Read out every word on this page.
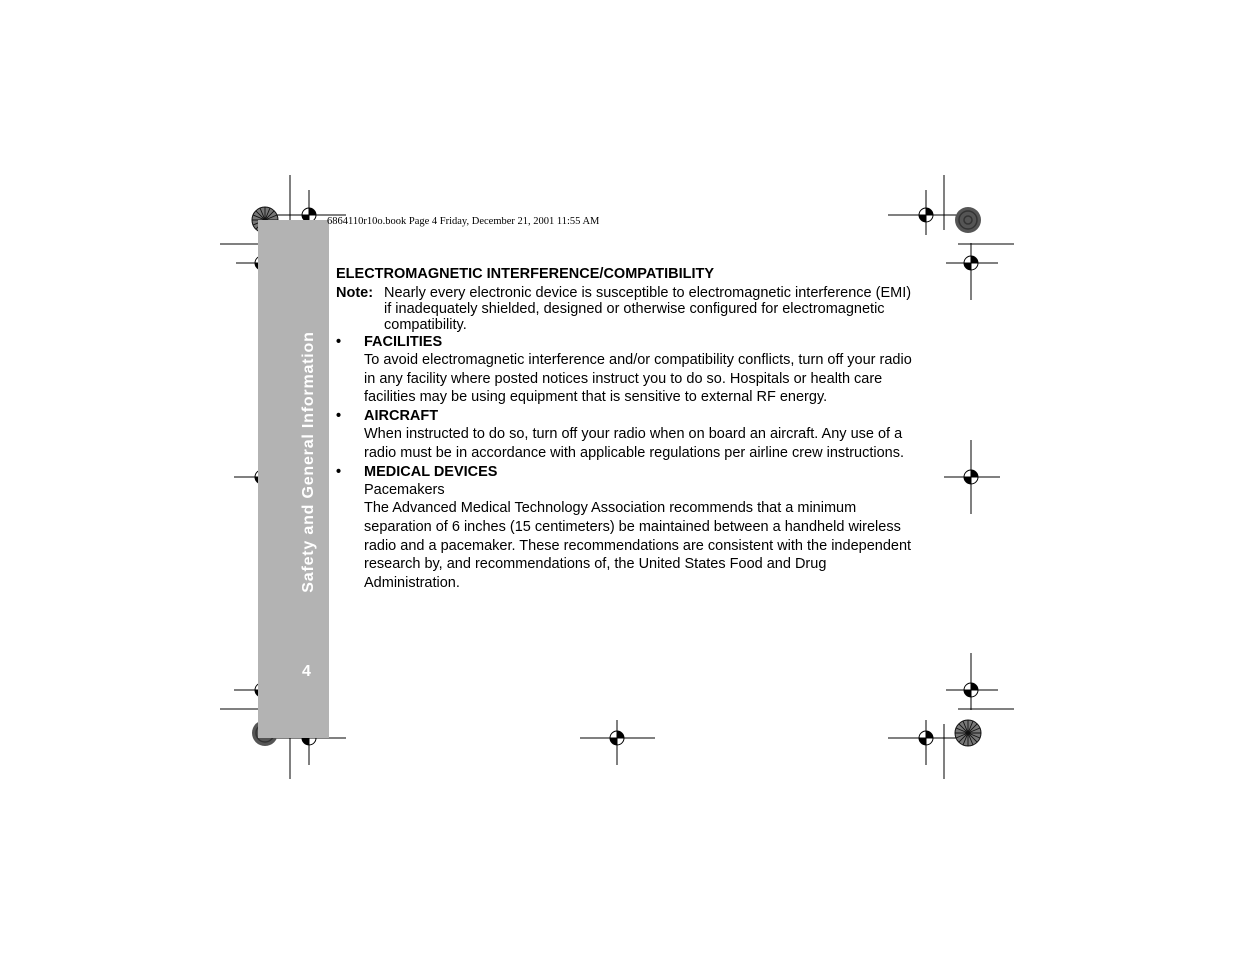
Safety and General Information
4
6864110r10o.book Page 4 Friday, December 21, 2001 11:55 AM

ELECTROMAGNETIC INTERFERENCE/COMPATIBILITY

Note: Nearly every electronic device is susceptible to electromagnetic interference (EMI) if inadequately shielded, designed or otherwise configured for electromagnetic compatibility.
•	FACILITIES
To avoid electromagnetic interference and/or compatibility conflicts, turn off your radio in any facility where posted notices instruct you to do so. Hospitals or health care facilities may be using equipment that is sensitive to external RF energy.
•	AIRCRAFT
When instructed to do so, turn off your radio when on board an aircraft. Any use of a radio must be in accordance with applicable regulations per airline crew instructions.
•	MEDICAL DEVICES
Pacemakers
The Advanced Medical Technology Association recommends that a minimum separation of 6 inches (15 centimeters) be maintained between a handheld wireless radio and a pacemaker. These recommendations are consistent with the independent research by, and recommendations of, the United States Food and Drug Administration.
